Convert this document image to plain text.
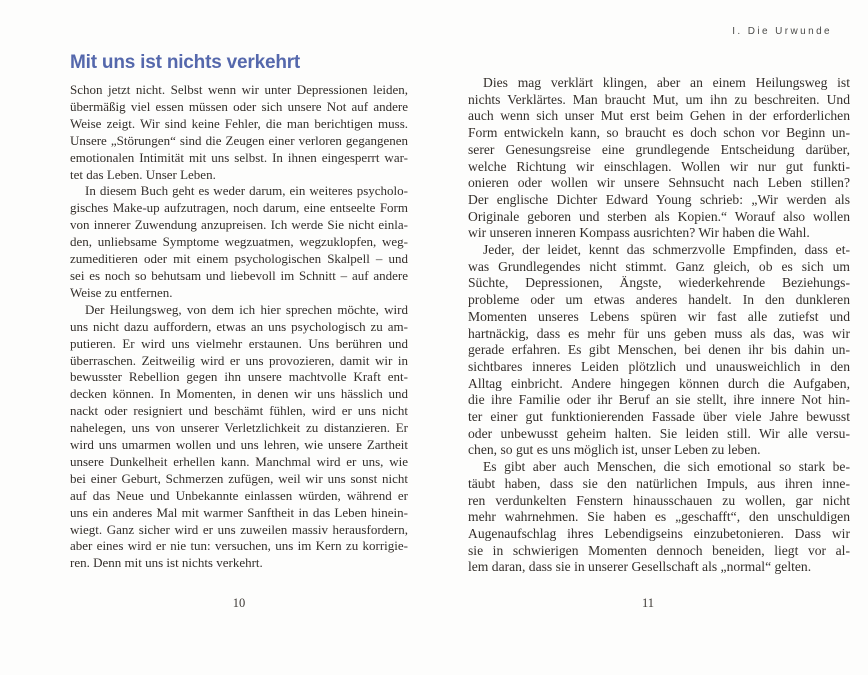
Mit uns ist nichts verkehrt
Schon jetzt nicht. Selbst wenn wir unter Depressionen leiden,
übermäßig viel essen müssen oder sich unsere Not auf andere
Weise zeigt. Wir sind keine Fehler, die man berichtigen muss.
Unsere „Störungen“ sind die Zeugen einer verloren gegangenen
emotionalen Intimität mit uns selbst. In ihnen eingesperrt war-
tet das Leben. Unser Leben.
In diesem Buch geht es weder darum, ein weiteres psycholo-
gisches Make-up aufzutragen, noch darum, eine entseelte Form
von innerer Zuwendung anzupreisen. Ich werde Sie nicht einla-
den, unliebsame Symptome wegzuatmen, wegzuklopfen, weg-
zumeditieren oder mit einem psychologischen Skalpell – und
sei es noch so behutsam und liebevoll im Schnitt – auf andere
Weise zu entfernen.
Der Heilungsweg, von dem ich hier sprechen möchte, wird
uns nicht dazu auffordern, etwas an uns psychologisch zu am-
putieren. Er wird uns vielmehr erstaunen. Uns berühren und
überraschen. Zeitweilig wird er uns provozieren, damit wir in
bewusster Rebellion gegen ihn unsere machtvolle Kraft ent-
decken können. In Momenten, in denen wir uns hässlich und
nackt oder resigniert und beschämt fühlen, wird er uns nicht
nahelegen, uns von unserer Verletzlichkeit zu distanzieren. Er
wird uns umarmen wollen und uns lehren, wie unsere Zartheit
unsere Dunkelheit erhellen kann. Manchmal wird er uns, wie
bei einer Geburt, Schmerzen zufügen, weil wir uns sonst nicht
auf das Neue und Unbekannte einlassen würden, während er
uns ein anderes Mal mit warmer Sanftheit in das Leben hinein-
wiegt. Ganz sicher wird er uns zuweilen massiv herausfordern,
aber eines wird er nie tun: versuchen, uns im Kern zu korrigie-
ren. Denn mit uns ist nichts verkehrt.
I. Die Urwunde
Dies mag verklärt klingen, aber an einem Heilungsweg ist
nichts Verklärtes. Man braucht Mut, um ihn zu beschreiten. Und
auch wenn sich unser Mut erst beim Gehen in der erforderlichen
Form entwickeln kann, so braucht es doch schon vor Beginn un-
serer Genesungsreise eine grundlegende Entscheidung darüber,
welche Richtung wir einschlagen. Wollen wir nur gut funkti-
onieren oder wollen wir unsere Sehnsucht nach Leben stillen?
Der englische Dichter Edward Young schrieb: „Wir werden als
Originale geboren und sterben als Kopien.“ Worauf also wollen
wir unseren inneren Kompass ausrichten? Wir haben die Wahl.
Jeder, der leidet, kennt das schmerzvolle Empfinden, dass et-
was Grundlegendes nicht stimmt. Ganz gleich, ob es sich um
Süchte, Depressionen, Ängste, wiederkehrende Beziehungs-
probleme oder um etwas anderes handelt. In den dunkleren
Momenten unseres Lebens spüren wir fast alle zutiefst und
hartnäckig, dass es mehr für uns geben muss als das, was wir
gerade erfahren. Es gibt Menschen, bei denen ihr bis dahin un-
sichtbares inneres Leiden plötzlich und unausweichlich in den
Alltag einbricht. Andere hingegen können durch die Aufgaben,
die ihre Familie oder ihr Beruf an sie stellt, ihre innere Not hin-
ter einer gut funktionierenden Fassade über viele Jahre bewusst
oder unbewusst geheim halten. Sie leiden still. Wir alle versu-
chen, so gut es uns möglich ist, unser Leben zu leben.
Es gibt aber auch Menschen, die sich emotional so stark be-
täubt haben, dass sie den natürlichen Impuls, aus ihren inne-
ren verdunkelten Fenstern hinausschauen zu wollen, gar nicht
mehr wahrnehmen. Sie haben es „geschafft“, den unschuldigen
Augenaufschlag ihres Lebendigseins einzubetonieren. Dass wir
sie in schwierigen Momenten dennoch beneiden, liegt vor al-
lem daran, dass sie in unserer Gesellschaft als „normal“ gelten.
10	11
